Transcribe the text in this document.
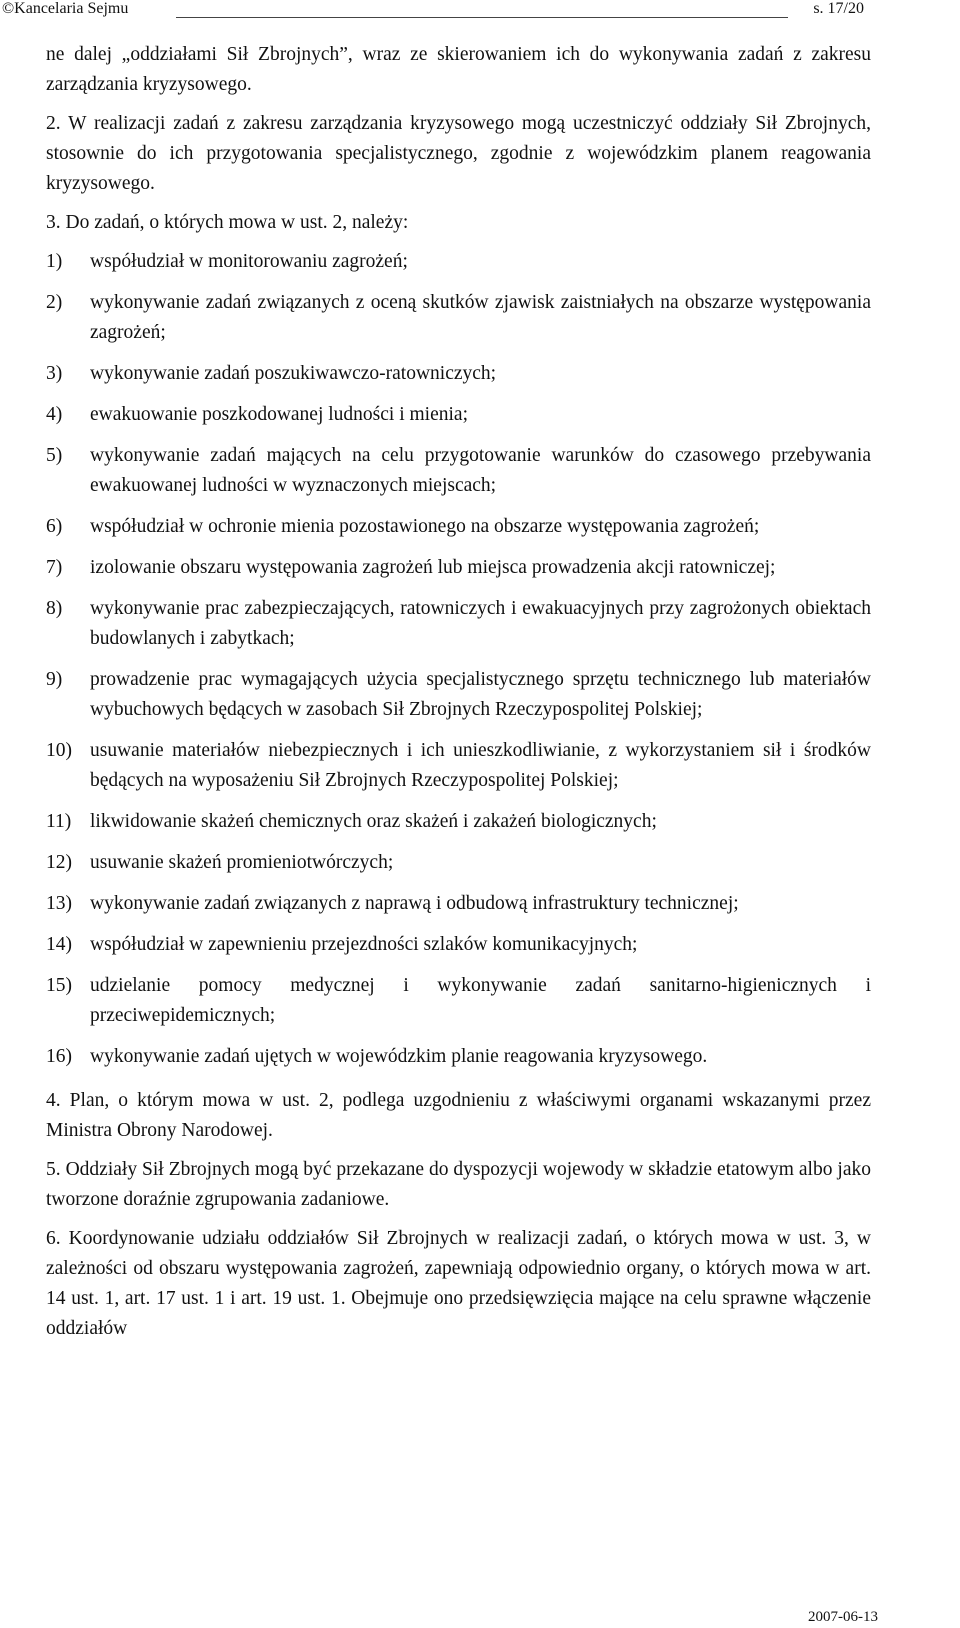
©Kancelaria Sejmu	s. 17/20

ne dalej „oddziałami Sił Zbrojnych”, wraz ze skierowaniem ich do wykonywania zadań z zakresu zarządzania kryzysowego.

2. W realizacji zadań z zakresu zarządzania kryzysowego mogą uczestniczyć oddziały Sił Zbrojnych, stosownie do ich przygotowania specjalistycznego, zgodnie z wojewódzkim planem reagowania kryzysowego.

3. Do zadań, o których mowa w ust. 2, należy:

1)	współudział w monitorowaniu zagrożeń;
2)	wykonywanie zadań związanych z oceną skutków zjawisk zaistniałych na obszarze występowania zagrożeń;
3)	wykonywanie zadań poszukiwawczo-ratowniczych;
4)	ewakuowanie poszkodowanej ludności i mienia;
5)	wykonywanie zadań mających na celu przygotowanie warunków do czasowego przebywania ewakuowanej ludności w wyznaczonych miejscach;
6)	współudział w ochronie mienia pozostawionego na obszarze występowania zagrożeń;
7)	izolowanie obszaru występowania zagrożeń lub miejsca prowadzenia akcji ratowniczej;
8)	wykonywanie prac zabezpieczających, ratowniczych i ewakuacyjnych przy zagrożonych obiektach budowlanych i zabytkach;
9)	prowadzenie prac wymagających użycia specjalistycznego sprzętu technicznego lub materiałów wybuchowych będących w zasobach Sił Zbrojnych Rzeczypospolitej Polskiej;
10) usuwanie materiałów niebezpiecznych i ich unieszkodliwianie, z wykorzystaniem sił i środków będących na wyposażeniu Sił Zbrojnych Rzeczypospolitej Polskiej;
11) likwidowanie skażeń chemicznych oraz skażeń i zakażeń biologicznych;
12) usuwanie skażeń promieniotwórczych;
13) wykonywanie zadań związanych z naprawą i odbudową infrastruktury technicznej;
14) współudział w zapewnieniu przejezdności szlaków komunikacyjnych;
15) udzielanie pomocy medycznej i wykonywanie zadań sanitarno-higienicznych i przeciwepidemicznych;
16) wykonywanie zadań ujętych w wojewódzkim planie reagowania kryzysowego.

4. Plan, o którym mowa w ust. 2, podlega uzgodnieniu z właściwymi organami wskazanymi przez Ministra Obrony Narodowej.

5. Oddziały Sił Zbrojnych mogą być przekazane do dyspozycji wojewody w składzie etatowym albo jako tworzone doraźnie zgrupowania zadaniowe.

6. Koordynowanie udziału oddziałów Sił Zbrojnych w realizacji zadań, o których mowa w ust. 3, w zależności od obszaru występowania zagrożeń, zapewniają odpowiednio organy, o których mowa w art. 14 ust. 1, art. 17 ust. 1 i art. 19 ust. 1. Obejmuje ono przedsięwzięcia mające na celu sprawne włączenie oddziałów

2007-06-13
